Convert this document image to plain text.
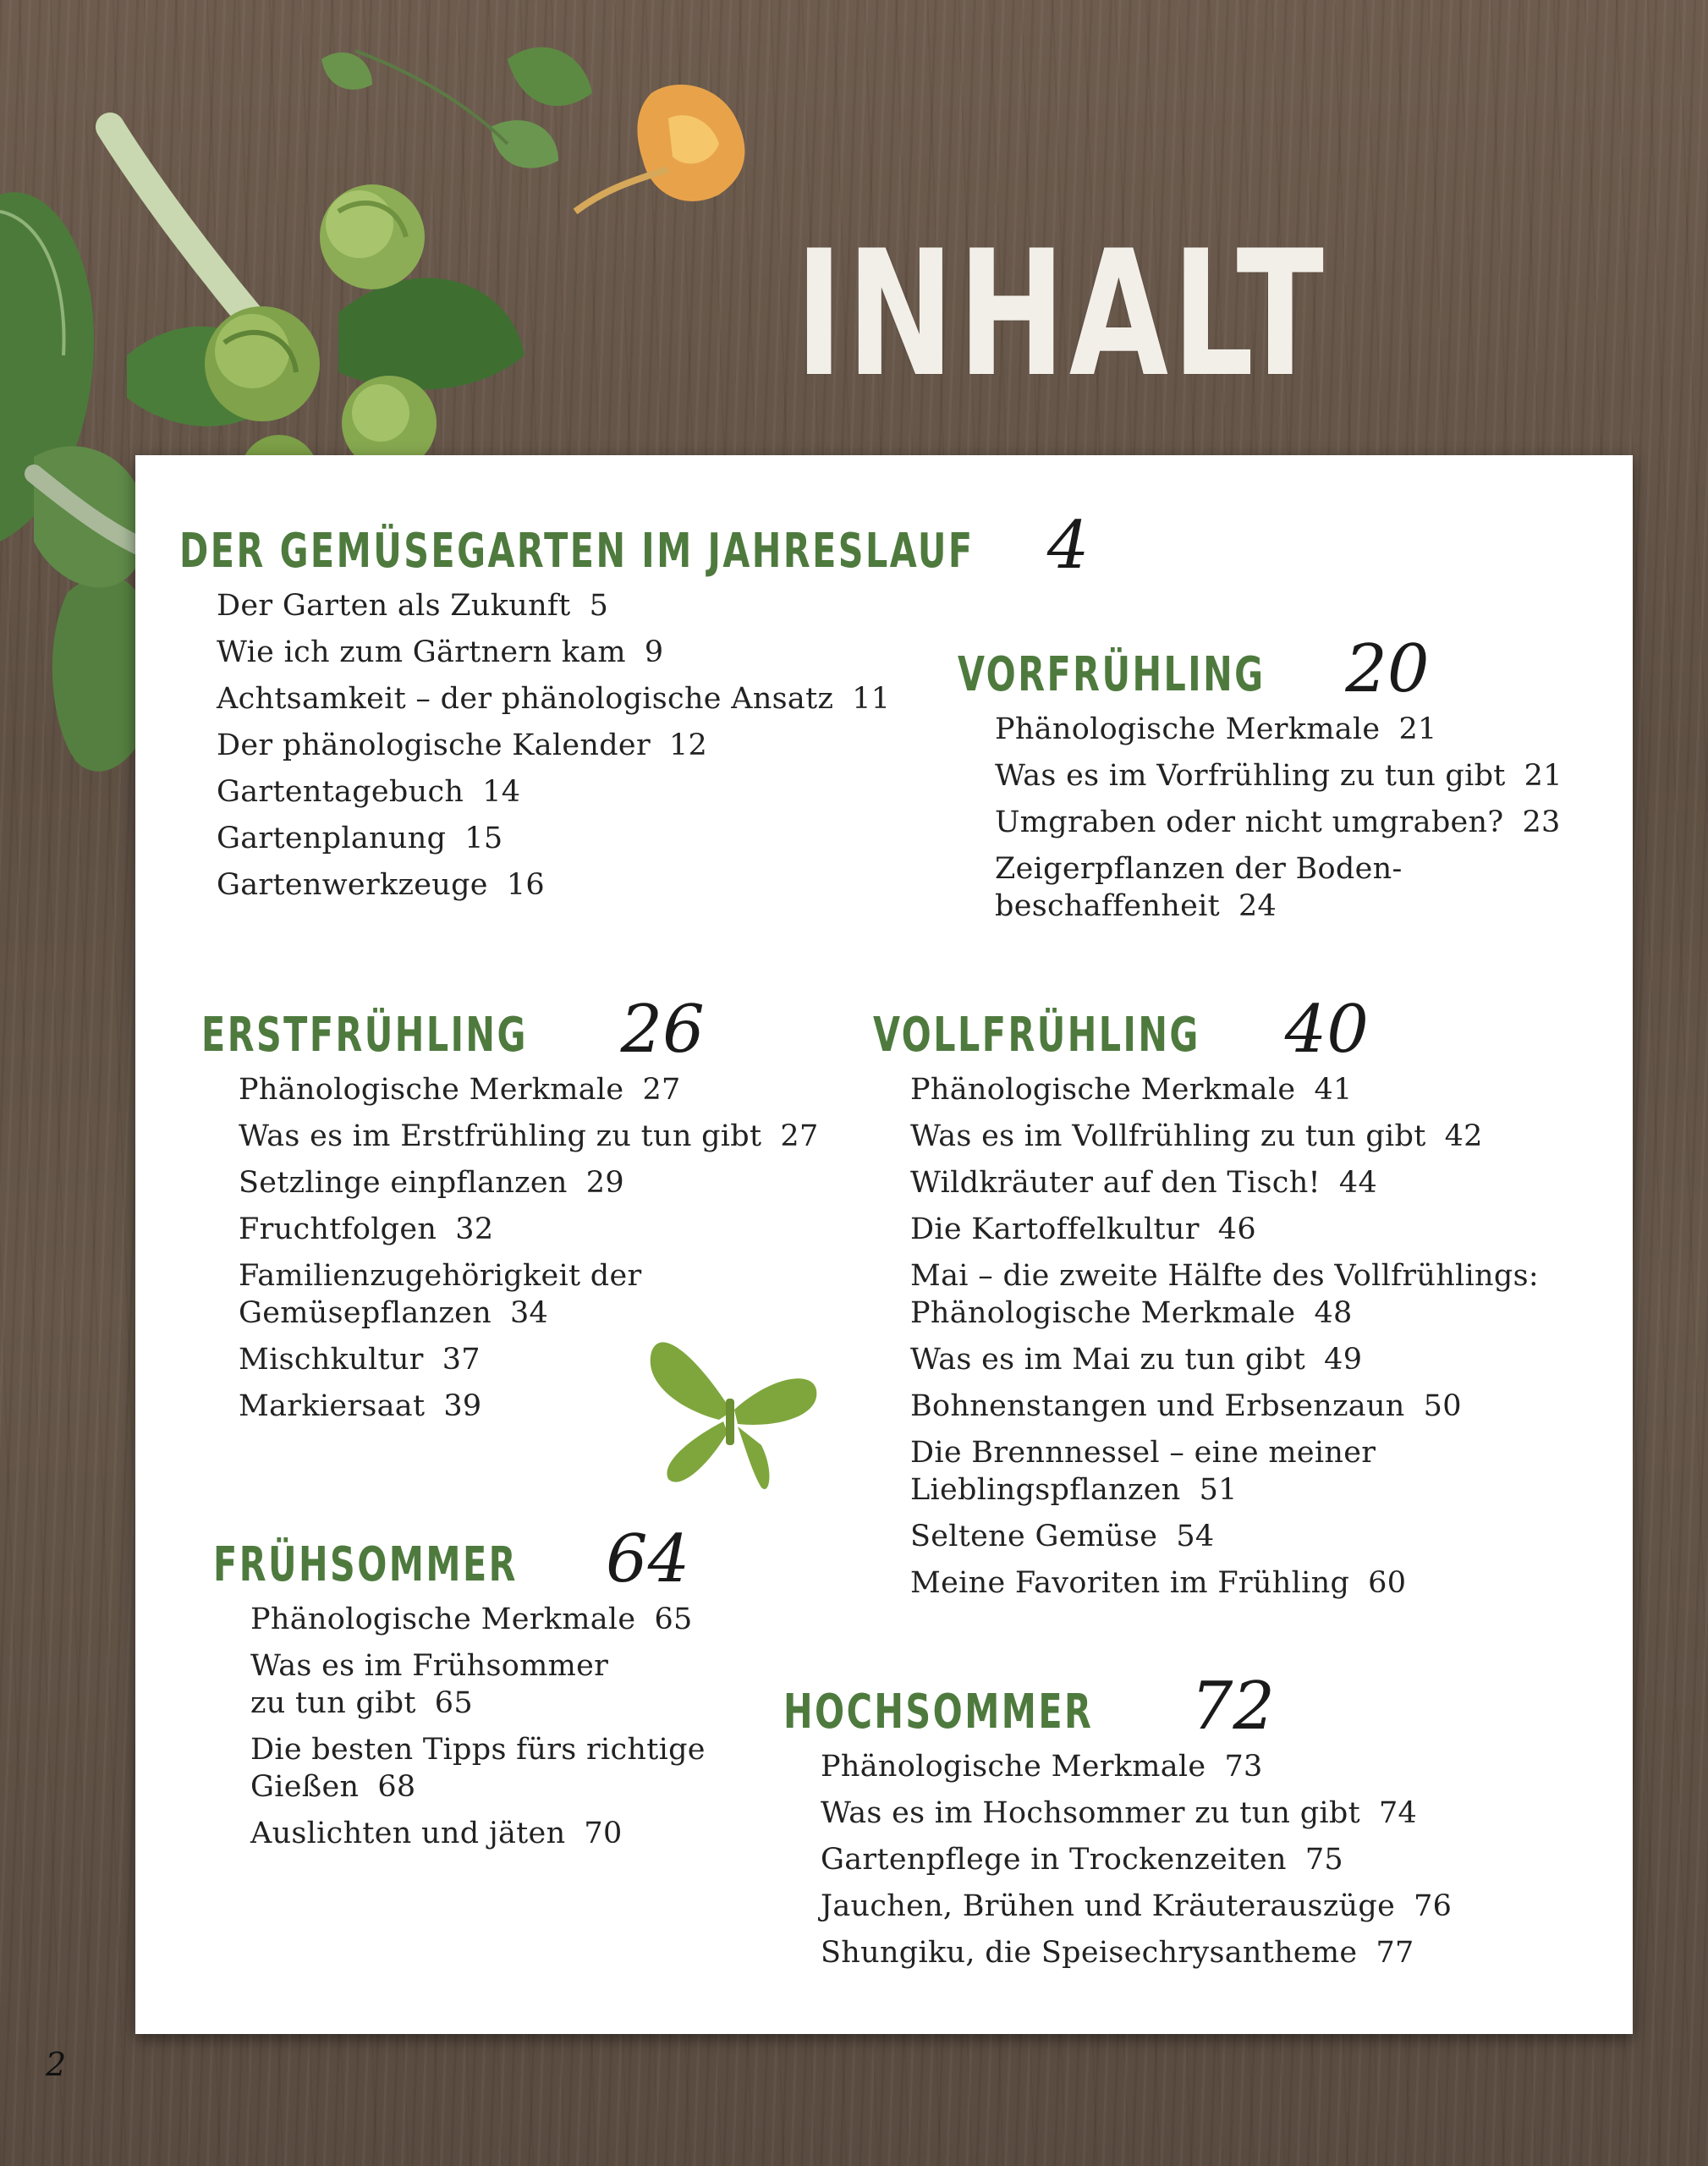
INHALT
DER GEMÜSEGARTEN IM JAHRESLAUF 4
Der Garten als Zukunft 5
Wie ich zum Gärtnern kam 9
Achtsamkeit – der phänologische Ansatz 11
Der phänologische Kalender 12
Gartentagebuch 14
Gartenplanung 15
Gartenwerkzeuge 16
VORFRÜHLING 20
Phänologische Merkmale 21
Was es im Vorfrühling zu tun gibt 21
Umgraben oder nicht umgraben? 23
Zeigerpflanzen der Boden-
beschaffenheit 24
ERSTFRÜHLING 26
Phänologische Merkmale 27
Was es im Erstfrühling zu tun gibt 27
Setzlinge einpflanzen 29
Fruchtfolgen 32
Familienzugehörigkeit der
Gemüsepflanzen 34
Mischkultur 37
Markiersaat 39
VOLLFRÜHLING 40
Phänologische Merkmale 41
Was es im Vollfrühling zu tun gibt 42
Wildkräuter auf den Tisch! 44
Die Kartoffelkultur 46
Mai – die zweite Hälfte des Vollfrühlings:
Phänologische Merkmale 48
Was es im Mai zu tun gibt 49
Bohnenstangen und Erbsenzaun 50
Die Brennnessel – eine meiner
Lieblingspflanzen 51
Seltene Gemüse 54
Meine Favoriten im Frühling 60
FRÜHSOMMER 64
Phänologische Merkmale 65
Was es im Frühsommer
zu tun gibt 65
Die besten Tipps fürs richtige
Gießen 68
Auslichten und jäten 70
HOCHSOMMER 72
Phänologische Merkmale 73
Was es im Hochsommer zu tun gibt 74
Gartenpflege in Trockenzeiten 75
Jauchen, Brühen und Kräuterauszüge 76
Shungiku, die Speisechrysantheme 77
2
